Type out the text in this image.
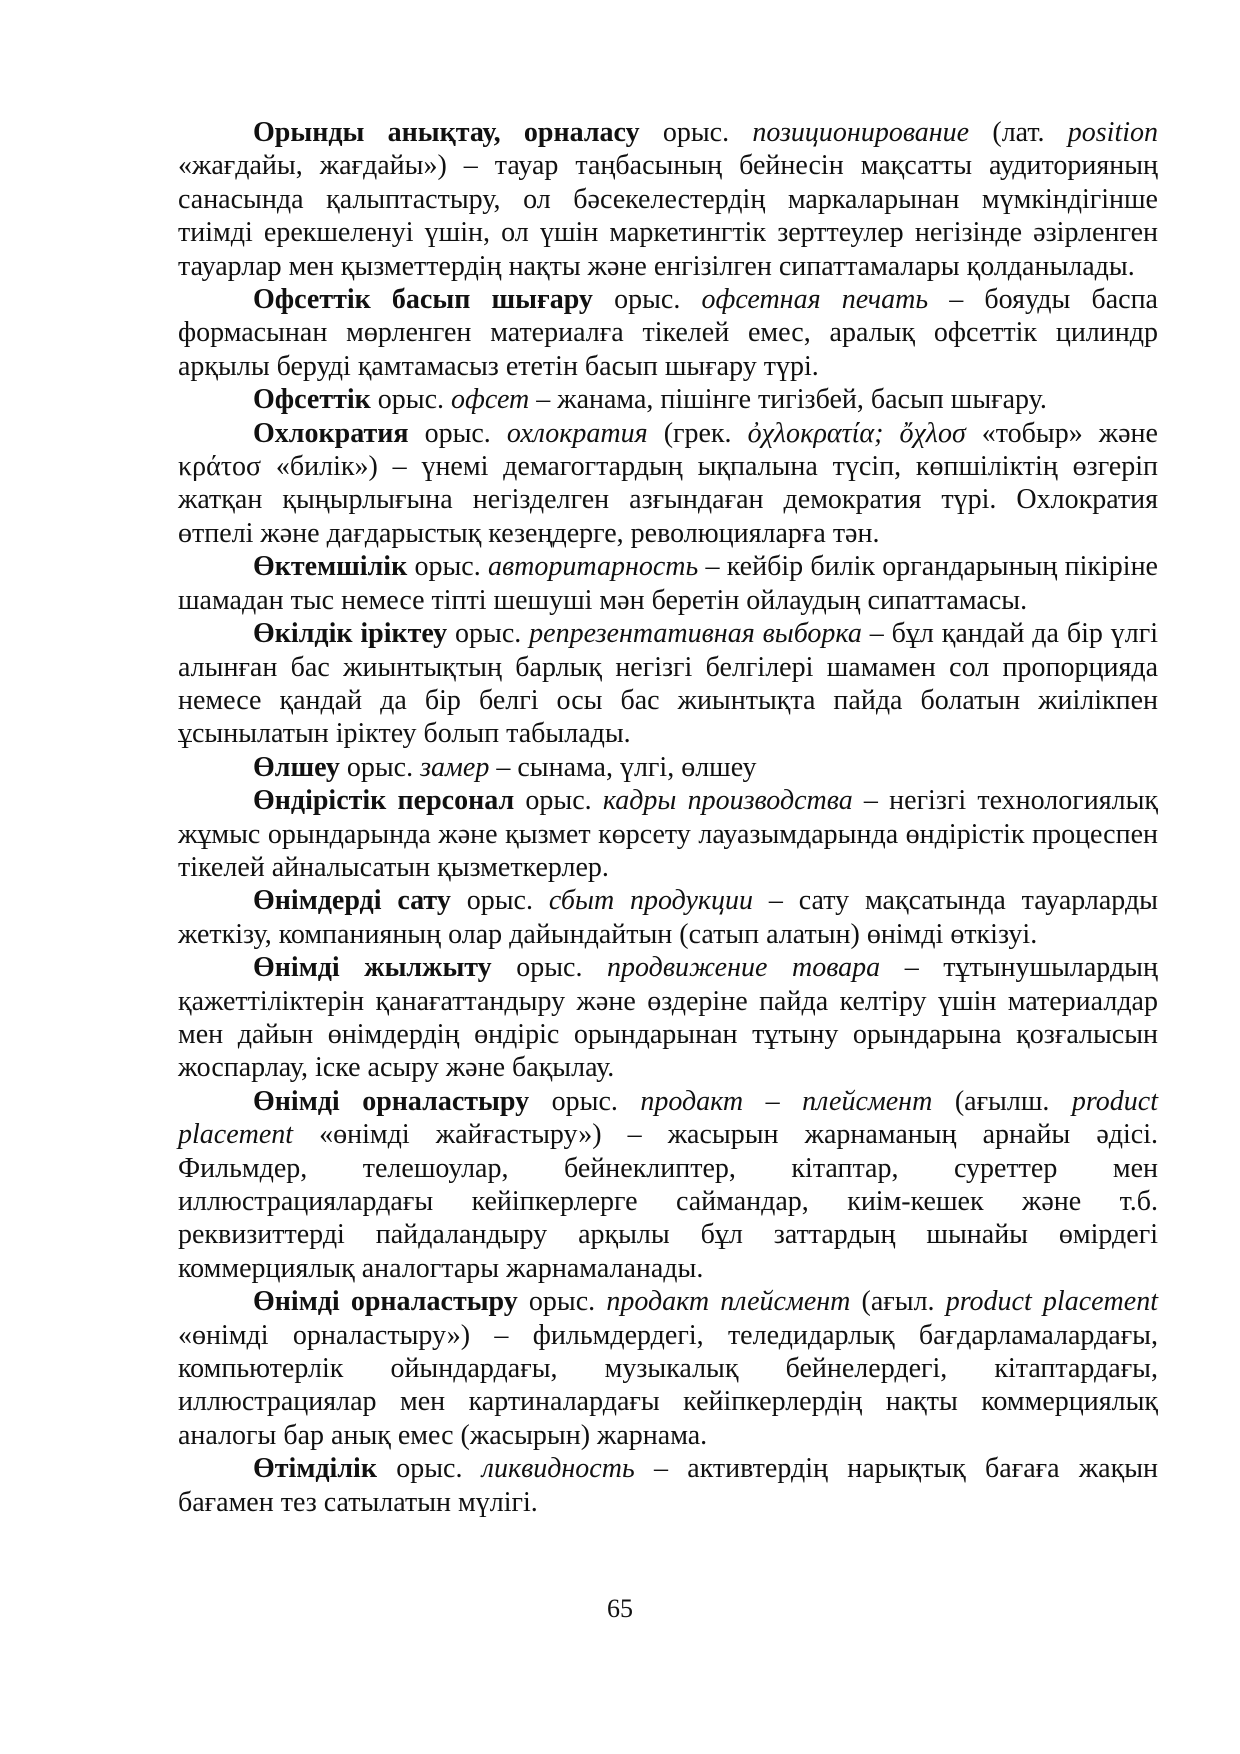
Орынды анықтау, орналасу орыс. позиционирование (лат. position «жағдайы, жағдайы») – тауар таңбасының бейнесін мақсатты аудиторияның санасында қалыптастыру, ол бәсекелестердің маркаларынан мүмкіндігінше тиімді ерекшеленуі үшін, ол үшін маркетингтік зерттеулер негізінде әзірленген тауарлар мен қызметтердің нақты және енгізілген сипаттамалары қолданылады.

Офсеттік басып шығару орыс. офсетная печать – бояуды баспа формасынан мөрленген материалға тікелей емес, аралық офсеттік цилиндр арқылы беруді қамтамасыз ететін басып шығару түрі.

Офсеттік орыс. офсет – жанама, пішінге тигізбей, басып шығару.

Охлократия орыс. охлократия (грек. ὀχλοκρατία; ὄχλοσ «тобыр» және κράτοσ «билік») – үнемі демагогтардың ықпалына түсіп, көпшіліктің өзгеріп жатқан қыңырлығына негізделген азғындаған демократия түрі. Охлократия өтпелі және дағдарыстық кезеңдерге, революцияларға тән.

Өктемшілік орыс. авторитарность – кейбір билік органдарының пікіріне шамадан тыс немесе тіпті шешуші мән беретін ойлаудың сипаттамасы.

Өкілдік іріктеу орыс. репрезентативная выборка – бұл қандай да бір үлгі алынған бас жиынтықтың барлық негізгі белгілері шамамен сол пропорцияда немесе қандай да бір белгі осы бас жиынтықта пайда болатын жиілікпен ұсынылатын іріктеу болып табылады.

Өлшеу орыс. замер – сынама, үлгі, өлшеу

Өндірістік персонал орыс. кадры производства – негізгі технологиялық жұмыс орындарында және қызмет көрсету лауазымдарында өндірістік процеспен тікелей айналысатын қызметкерлер.

Өнімдерді сату орыс. сбыт продукции – сату мақсатында тауарларды жеткізу, компанияның олар дайындайтын (сатып алатын) өнімді өткізуі.

Өнімді жылжыту орыс. продвижение товара – тұтынушылардың қажеттіліктерін қанағаттандыру және өздеріне пайда келтіру үшін материалдар мен дайын өнімдердің өндіріс орындарынан тұтыну орындарына қозғалысын жоспарлау, іске асыру және бақылау.

Өнімді орналастыру орыс. продакт – плейсмент (ағылш. product placement «өнімді жайғастыру») – жасырын жарнаманың арнайы әдісі. Фильмдер, телешоулар, бейнеклиптер, кітаптар, суреттер мен иллюстрациялардағы кейіпкерлерге саймандар, киім-кешек және т.б. реквизиттерді пайдаландыру арқылы бұл заттардың шынайы өмірдегі коммерциялық аналогтары жарнамаланады.

Өнімді орналастыру орыс. продакт плейсмент (ағыл. product placement «өнімді орналастыру») – фильмдердегі, теледидарлық бағдарламалардағы, компьютерлік ойындардағы, музыкалық бейнелердегі, кітаптардағы, иллюстрациялар мен картиналардағы кейіпкерлердің нақты коммерциялық аналогы бар анық емес (жасырын) жарнама.

Өтімділік орыс. ликвидность – активтердің нарықтық бағаға жақын бағамен тез сатылатын мүлігі.

65
